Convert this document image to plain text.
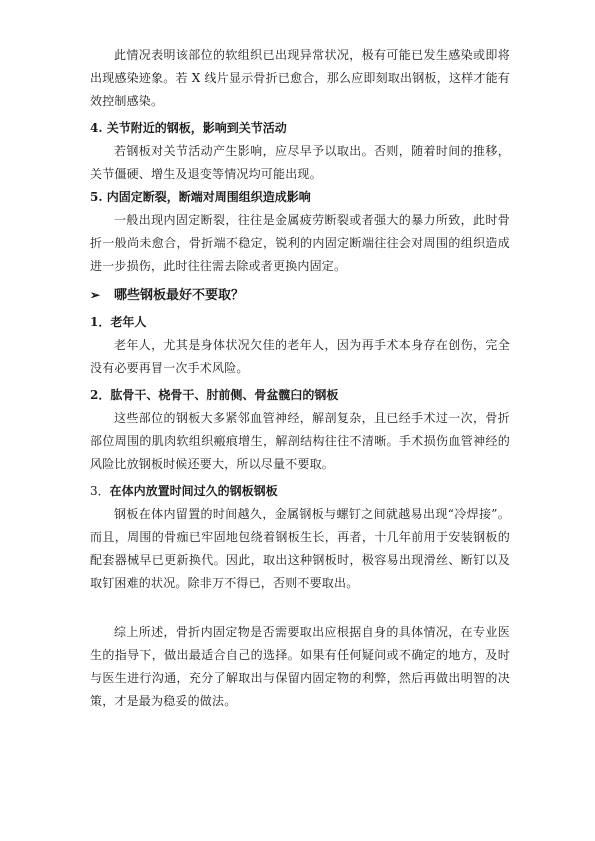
此情况表明该部位的软组织已出现异常状况，极有可能已发生感染或即将出现感染迹象。若 X 线片显示骨折已愈合，那么应即刻取出钢板，这样才能有效控制感染。

4. 关节附近的钢板，影响到关节活动

若钢板对关节活动产生影响，应尽早予以取出。否则，随着时间的推移，关节僵硬、增生及退变等情况均可能出现。

5. 内固定断裂，断端对周围组织造成影响

一般出现内固定断裂，往往是金属疲劳断裂或者强大的暴力所致，此时骨折一般尚未愈合，骨折端不稳定，锐利的内固定断端往往会对周围的组织造成进一步损伤，此时往往需去除或者更换内固定。

➢	哪些钢板最好不要取？

1．老年人

老年人，尤其是身体状况欠佳的老年人，因为再手术本身存在创伤，完全没有必要再冒一次手术风险。

2．肱骨干、桡骨干、肘前侧、骨盆髋臼的钢板

这些部位的钢板大多紧邻血管神经，解剖复杂，且已经手术过一次，骨折部位周围的肌肉软组织瘢痕增生，解剖结构往往不清晰。手术损伤血管神经的风险比放钢板时候还要大，所以尽量不要取。

3．在体内放置时间过久的钢板钢板

钢板在体内留置的时间越久，金属钢板与螺钉之间就越易出现“冷焊接”。而且，周围的骨痂已牢固地包绕着钢板生长，再者，十几年前用于安装钢板的配套器械早已更新换代。因此，取出这种钢板时，极容易出现滑丝、断钉以及取钉困难的状况。除非万不得已，否则不要取出。

综上所述，骨折内固定物是否需要取出应根据自身的具体情况，在专业医生的指导下，做出最适合自己的选择。如果有任何疑问或不确定的地方，及时与医生进行沟通，充分了解取出与保留内固定物的利弊，然后再做出明智的决策，才是最为稳妥的做法。
